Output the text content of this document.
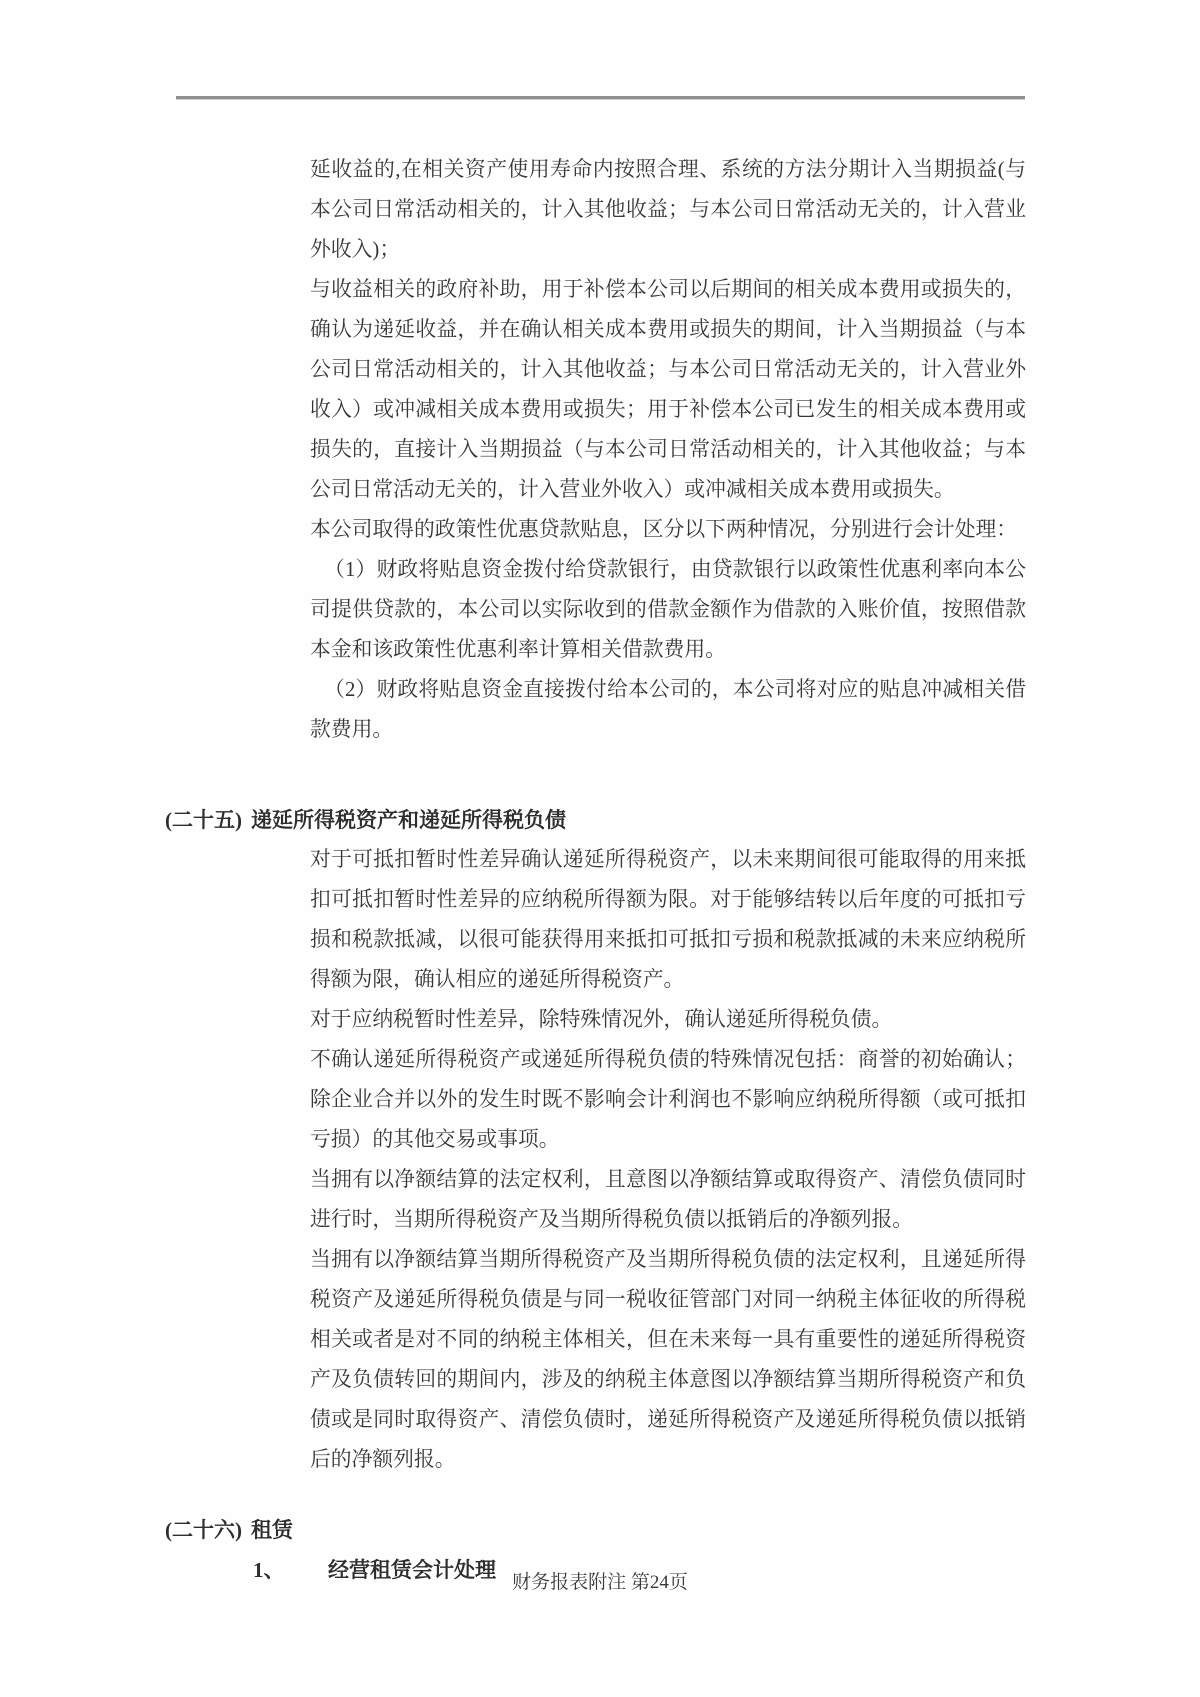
延收益的,在相关资产使用寿命内按照合理、系统的方法分期计入当期损益(与本公司日常活动相关的，计入其他收益；与本公司日常活动无关的，计入营业外收入)；

与收益相关的政府补助，用于补偿本公司以后期间的相关成本费用或损失的，确认为递延收益，并在确认相关成本费用或损失的期间，计入当期损益（与本公司日常活动相关的，计入其他收益；与本公司日常活动无关的，计入营业外收入）或冲减相关成本费用或损失；用于补偿本公司已发生的相关成本费用或损失的，直接计入当期损益（与本公司日常活动相关的，计入其他收益；与本公司日常活动无关的，计入营业外收入）或冲减相关成本费用或损失。

本公司取得的政策性优惠贷款贴息，区分以下两种情况，分别进行会计处理：

（1）财政将贴息资金拨付给贷款银行，由贷款银行以政策性优惠利率向本公司提供贷款的，本公司以实际收到的借款金额作为借款的入账价值，按照借款本金和该政策性优惠利率计算相关借款费用。

（2）财政将贴息资金直接拨付给本公司的，本公司将对应的贴息冲减相关借款费用。

(二十五) 递延所得税资产和递延所得税负债

对于可抵扣暂时性差异确认递延所得税资产，以未来期间很可能取得的用来抵扣可抵扣暂时性差异的应纳税所得额为限。对于能够结转以后年度的可抵扣亏损和税款抵减，以很可能获得用来抵扣可抵扣亏损和税款抵减的未来应纳税所得额为限，确认相应的递延所得税资产。

对于应纳税暂时性差异，除特殊情况外，确认递延所得税负债。

不确认递延所得税资产或递延所得税负债的特殊情况包括：商誉的初始确认；除企业合并以外的发生时既不影响会计利润也不影响应纳税所得额（或可抵扣亏损）的其他交易或事项。

当拥有以净额结算的法定权利，且意图以净额结算或取得资产、清偿负债同时进行时，当期所得税资产及当期所得税负债以抵销后的净额列报。

当拥有以净额结算当期所得税资产及当期所得税负债的法定权利，且递延所得税资产及递延所得税负债是与同一税收征管部门对同一纳税主体征收的所得税相关或者是对不同的纳税主体相关，但在未来每一具有重要性的递延所得税资产及负债转回的期间内，涉及的纳税主体意图以净额结算当期所得税资产和负债或是同时取得资产、清偿负债时，递延所得税资产及递延所得税负债以抵销后的净额列报。

(二十六) 租赁

1、 经营租赁会计处理

财务报表附注 第24页
